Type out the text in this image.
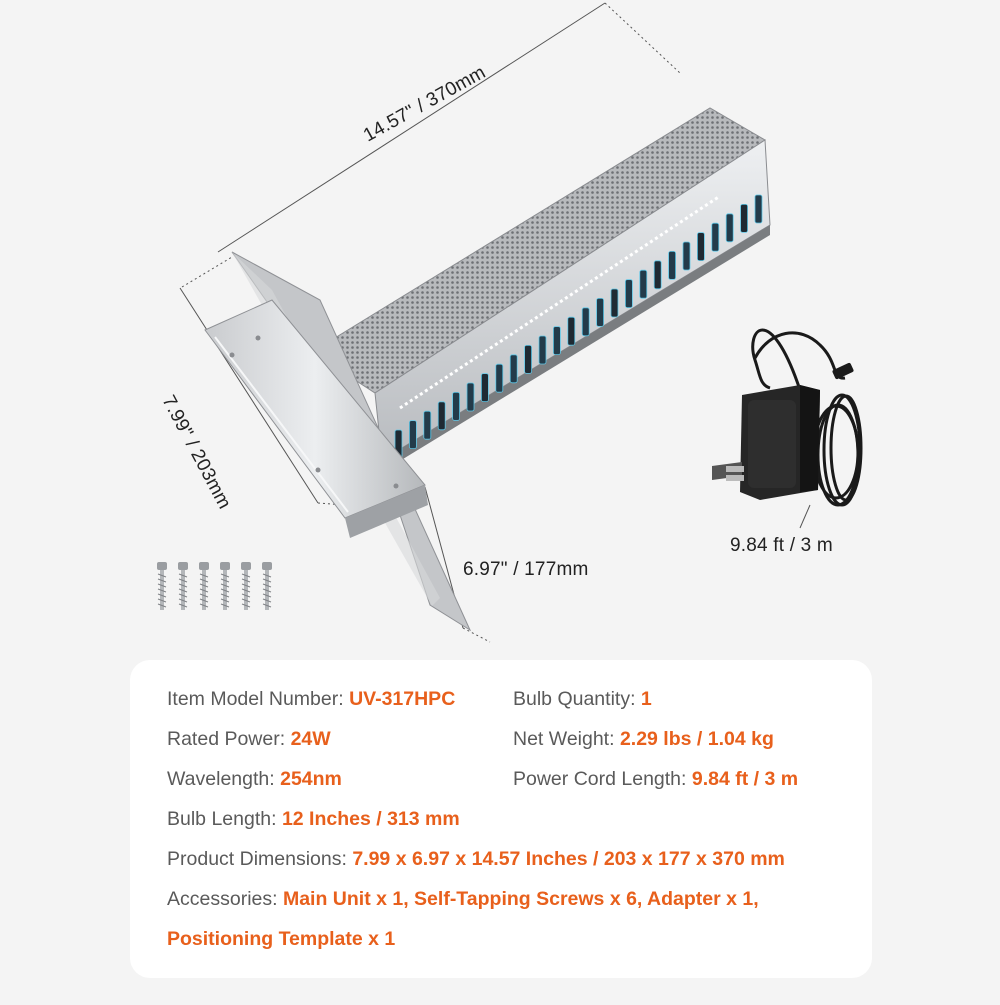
14.57" / 370mm
7.99" / 203mm
6.97" / 177mm
9.84 ft / 3 m
Item Model Number: UV-317HPC	Bulb Quantity: 1
Rated Power: 24W	Net Weight: 2.29 lbs / 1.04 kg
Wavelength: 254nm	Power Cord Length: 9.84 ft / 3 m
Bulb Length: 12 Inches / 313 mm
Product Dimensions: 7.99 x 6.97 x 14.57 Inches / 203 x 177 x 370 mm
Accessories: Main Unit x 1, Self-Tapping Screws x 6, Adapter x 1,
Positioning Template x 1
